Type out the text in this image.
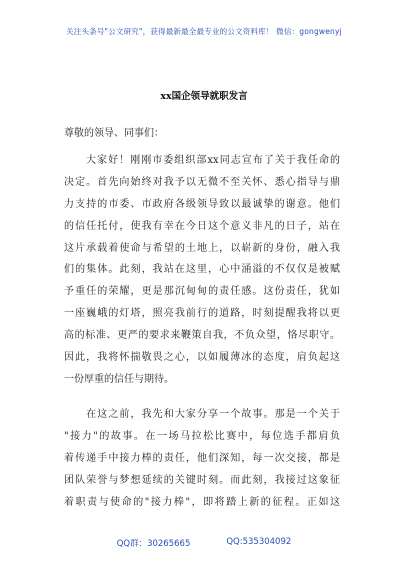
关注头条号"公文研究"，获得最新最全最专业的公文资料库！ 微信：gongwenyj
xx国企领导就职发言
尊敬的领导、同事们：
　　大家好！刚刚市委组织部xx同志宣布了关于我任命的
决定。首先向始终对我予以无微不至关怀、悉心指导与鼎
力支持的市委、市政府各级领导致以最诚挚的谢意。他们
的信任托付，使我有幸在今日这个意义非凡的日子，站在
这片承载着使命与希望的土地上，以崭新的身份，融入我
们的集体。此刻，我站在这里，心中涌溢的不仅仅是被赋
予重任的荣耀，更是那沉甸甸的责任感。这份责任，犹如
一座巍峨的灯塔，照亮我前行的道路，时刻提醒我将以更
高的标准、更严的要求来鞭策自我，不负众望，恪尽职守。
因此，我将怀揣敬畏之心，以如履薄冰的态度，肩负起这
一份厚重的信任与期待。
　　在这之前，我先和大家分享一个故事。那是一个关于
"接力"的故事。在一场马拉松比赛中，每位选手都肩负
着传递手中接力棒的责任，他们深知，每一次交接，都是
团队荣誉与梦想延续的关键时刻。而此刻，我接过这象征
着职责与使命的"接力棒"，即将踏上新的征程。正如这
QQ群：30265665	QQ:535304092
